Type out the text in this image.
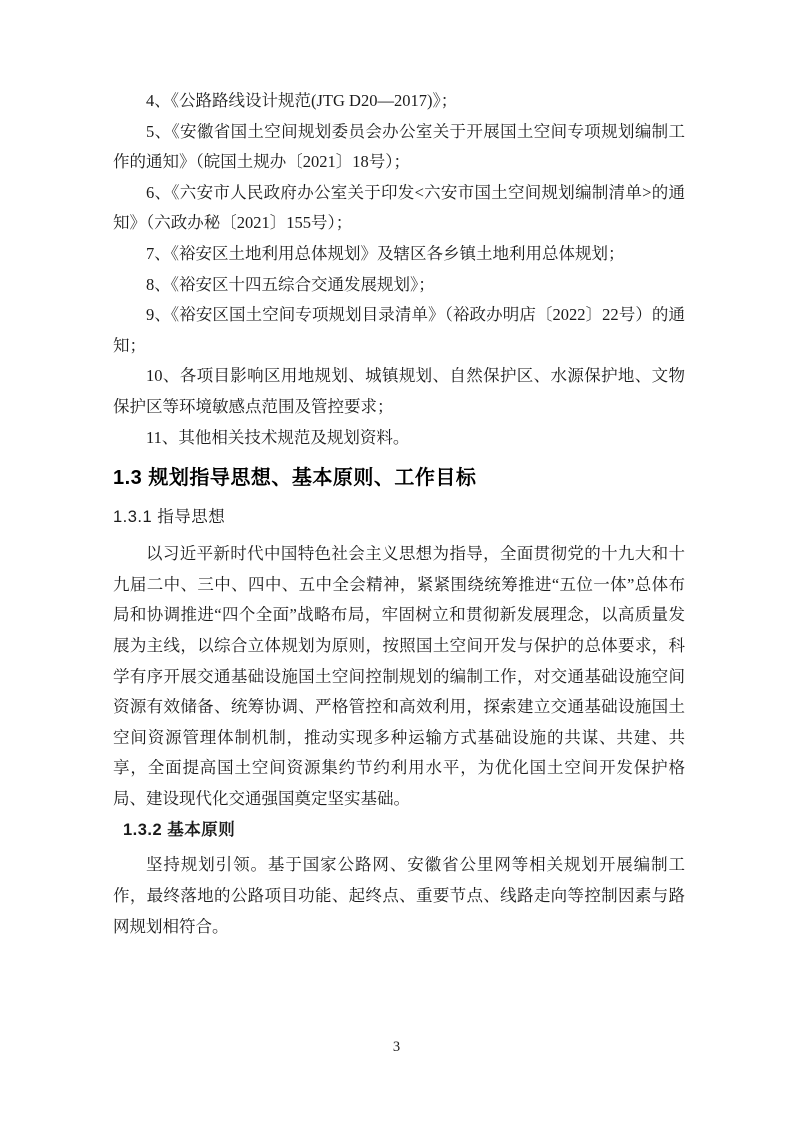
4、《公路路线设计规范(JTG D20—2017)》；

5、《安徽省国土空间规划委员会办公室关于开展国土空间专项规划编制工作的通知》（皖国土规办〔2021〕18号）；

6、《六安市人民政府办公室关于印发<六安市国土空间规划编制清单>的通知》（六政办秘〔2021〕155号）；

7、《裕安区土地利用总体规划》及辖区各乡镇土地利用总体规划；

8、《裕安区十四五综合交通发展规划》；

9、《裕安区国土空间专项规划目录清单》（裕政办明店〔2022〕22号）的通知；

10、各项目影响区用地规划、城镇规划、自然保护区、水源保护地、文物保护区等环境敏感点范围及管控要求；

11、其他相关技术规范及规划资料。

1.3 规划指导思想、基本原则、工作目标
1.3.1 指导思想

以习近平新时代中国特色社会主义思想为指导，全面贯彻党的十九大和十九届二中、三中、四中、五中全会精神，紧紧围绕统筹推进“五位一体”总体布局和协调推进“四个全面”战略布局，牢固树立和贯彻新发展理念，以高质量发展为主线，以综合立体规划为原则，按照国土空间开发与保护的总体要求，科学有序开展交通基础设施国土空间控制规划的编制工作，对交通基础设施空间资源有效储备、统筹协调、严格管控和高效利用，探索建立交通基础设施国土空间资源管理体制机制，推动实现多种运输方式基础设施的共谋、共建、共享，全面提高国土空间资源集约节约利用水平，为优化国土空间开发保护格局、建设现代化交通强国奠定坚实基础。

1.3.2 基本原则

坚持规划引领。基于国家公路网、安徽省公里网等相关规划开展编制工作，最终落地的公路项目功能、起终点、重要节点、线路走向等控制因素与路网规划相符合。

3
